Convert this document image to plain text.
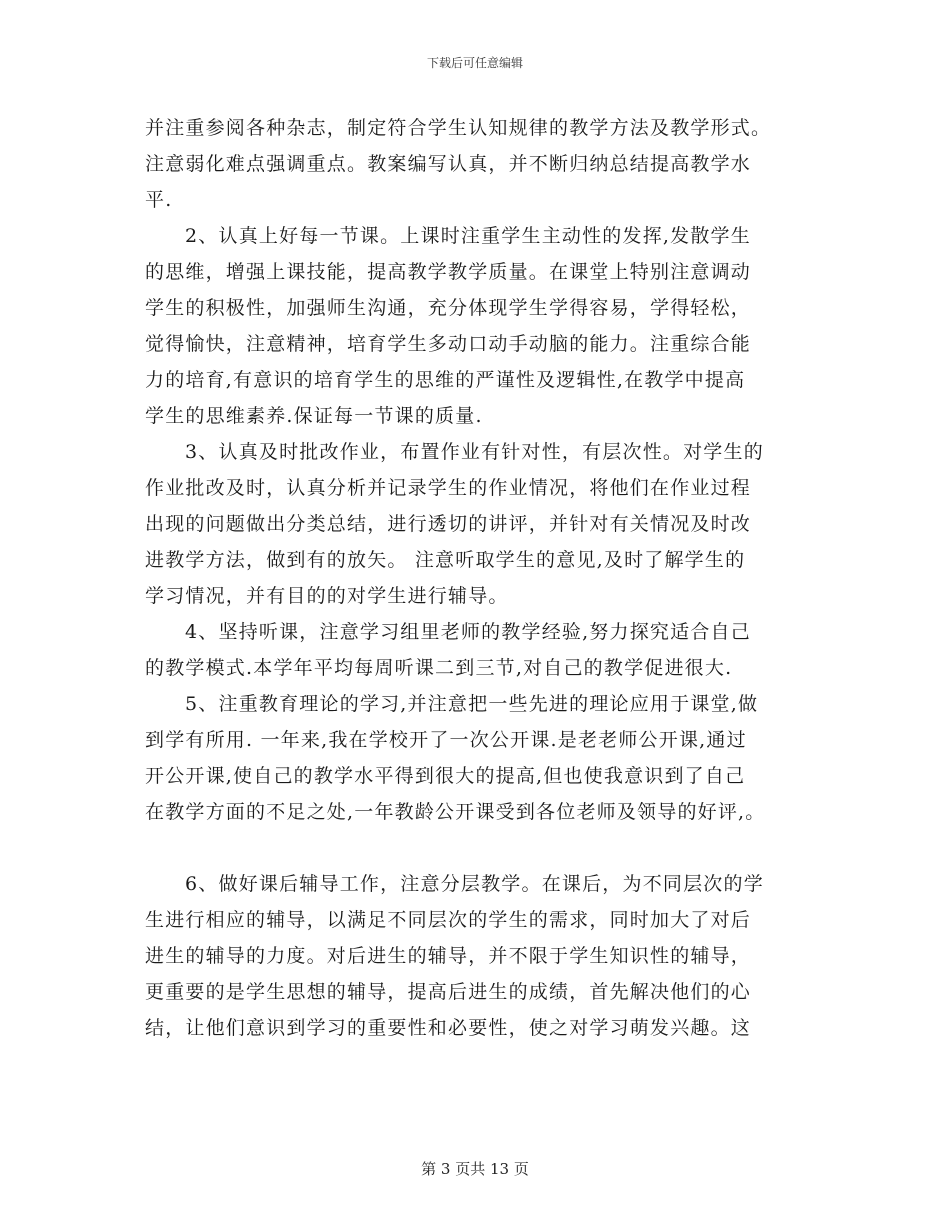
下载后可任意编辑
并注重参阅各种杂志，制定符合学生认知规律的教学方法及教学形式。
注意弱化难点强调重点。教案编写认真，并不断归纳总结提高教学水
平.
2、认真上好每一节课。上课时注重学生主动性的发挥,发散学生
的思维，增强上课技能，提高教学教学质量。在课堂上特别注意调动
学生的积极性，加强师生沟通，充分体现学生学得容易，学得轻松，
觉得愉快，注意精神，培育学生多动口动手动脑的能力。注重综合能
力的培育,有意识的培育学生的思维的严谨性及逻辑性,在教学中提高
学生的思维素养.保证每一节课的质量.
3、认真及时批改作业，布置作业有针对性，有层次性。对学生的
作业批改及时，认真分析并记录学生的作业情况，将他们在作业过程
出现的问题做出分类总结，进行透切的讲评，并针对有关情况及时改
进教学方法，做到有的放矢。 注意听取学生的意见,及时了解学生的
学习情况，并有目的的对学生进行辅导。
4、坚持听课，注意学习组里老师的教学经验,努力探究适合自己
的教学模式.本学年平均每周听课二到三节,对自己的教学促进很大.
5、注重教育理论的学习,并注意把一些先进的理论应用于课堂,做
到学有所用. 一年来,我在学校开了一次公开课.是老老师公开课,通过
开公开课,使自己的教学水平得到很大的提高,但也使我意识到了自己
在教学方面的不足之处,一年教龄公开课受到各位老师及领导的好评,。
6、做好课后辅导工作，注意分层教学。在课后，为不同层次的学
生进行相应的辅导，以满足不同层次的学生的需求，同时加大了对后
进生的辅导的力度。对后进生的辅导，并不限于学生知识性的辅导，
更重要的是学生思想的辅导，提高后进生的成绩，首先解决他们的心
结，让他们意识到学习的重要性和必要性，使之对学习萌发兴趣。这
第 3 页共 13 页
